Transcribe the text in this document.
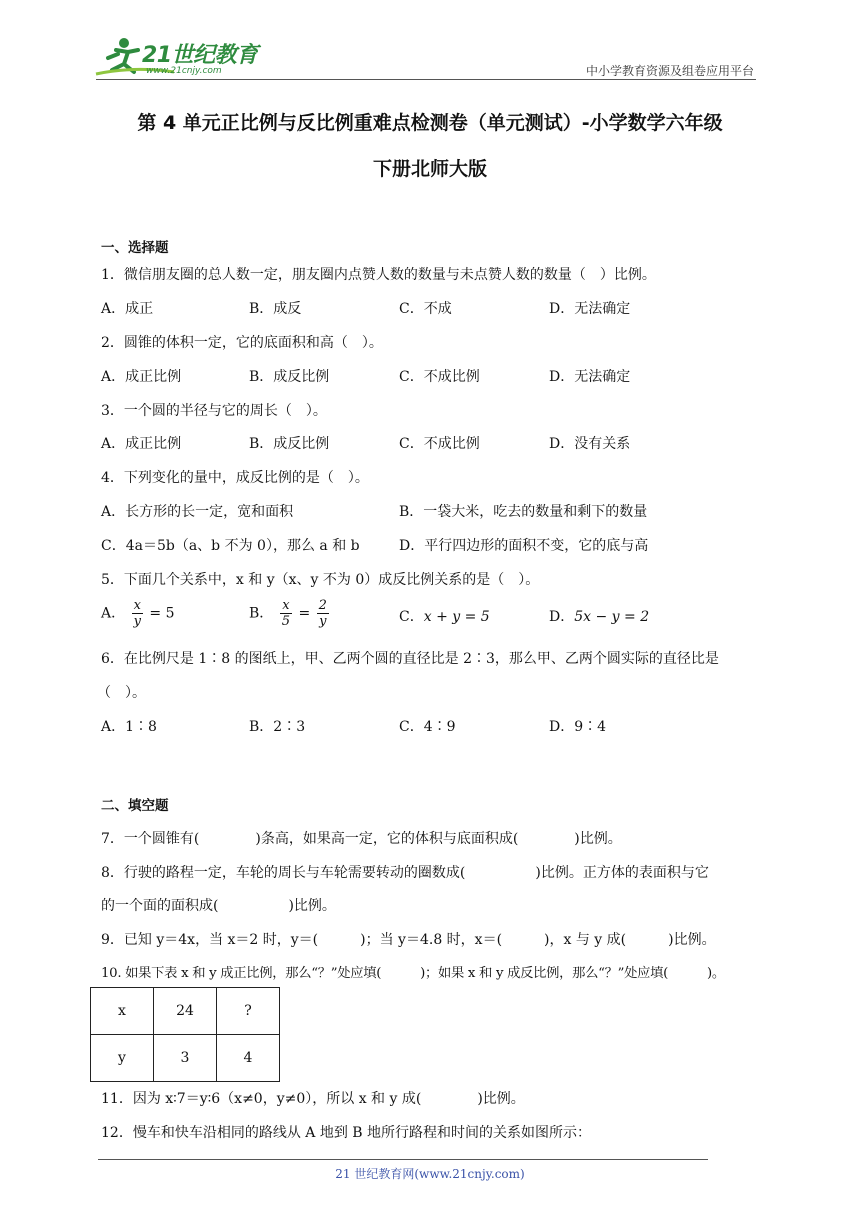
21世纪教育
www.21cnjy.com	中小学教育资源及组卷应用平台
第 4 单元正比例与反比例重难点检测卷（单元测试）-小学数学六年级
下册北师大版
一、选择题
1．微信朋友圈的总人数一定，朋友圈内点赞人数的数量与未点赞人数的数量（　）比例。
A．成正	B．成反	C．不成	D．无法确定
2．圆锥的体积一定，它的底面积和高（　）。
A．成正比例	B．成反比例	C．不成比例	D．无法确定
3．一个圆的半径与它的周长（　）。
A．成正比例	B．成反比例	C．不成比例	D．没有关系
4．下列变化的量中，成反比例的是（　）。
A．长方形的长一定，宽和面积	B．一袋大米，吃去的数量和剩下的数量
C．4a＝5b（a、b 不为 0），那么 a 和 b	D．平行四边形的面积不变，它的底与高
5．下面几个关系中，x 和 y（x、y 不为 0）成反比例关系的是（　）。
A． $\frac{x}{y} = 5$	B． $\frac{x}{5} = \frac{2}{y}$	C．x + y = 5	D．5x − y = 2
6．在比例尺是 1∶8 的图纸上，甲、乙两个圆的直径比是 2∶3，那么甲、乙两个圆实际的直径比是
（　）。
A．1∶8	B．2∶3	C．4∶9	D．9∶4
二、填空题
7．一个圆锥有(　　　　)条高，如果高一定，它的体积与底面积成(　　　　)比例。
8．行驶的路程一定，车轮的周长与车轮需要转动的圈数成(　　　　　)比例。正方体的表面积与它
的一个面的面积成(　　　　　)比例。
9．已知 y＝4x，当 x＝2 时，y＝(　　　)；当 y＝4.8 时，x＝(　　　)，x 与 y 成(　　　)比例。
10. 如果下表 x 和 y 成正比例，那么“？”处应填(　　　)；如果 x 和 y 成反比例，那么“？”处应填(　　　)。
x	24	?
y	3	4
11．因为 x∶7＝y∶6（x≠0，y≠0），所以 x 和 y 成(　　　　)比例。
12．慢车和快车沿相同的路线从 A 地到 B 地所行路程和时间的关系如图所示：
21 世纪教育网(www.21cnjy.com)
